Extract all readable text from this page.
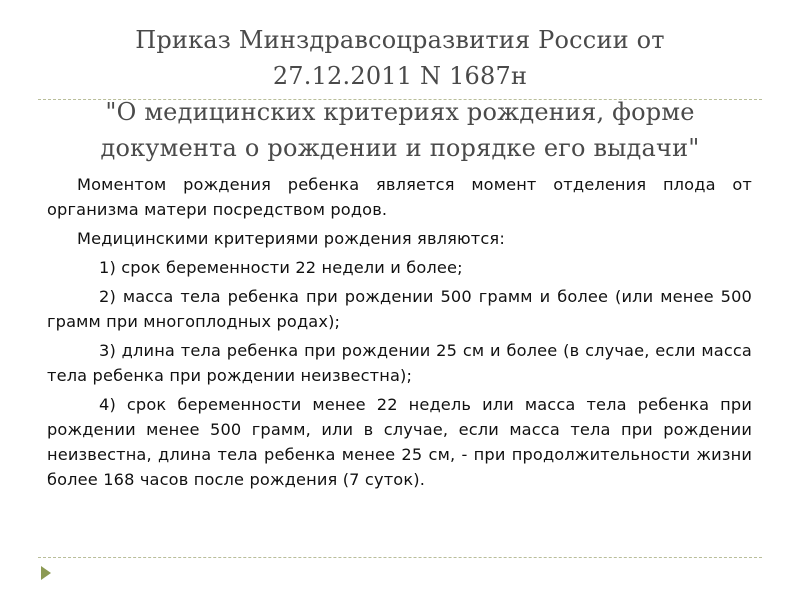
Приказ Минздравсоцразвития России от
27.12.2011 N 1687н
"О медицинских критериях рождения, форме
документа о рождении и порядке его выдачи"

Моментом рождения ребенка является момент отделения плода от организма матери посредством родов.

Медицинскими критериями рождения являются:

1) срок беременности 22 недели и более;

2) масса тела ребенка при рождении 500 грамм и более (или менее 500 грамм при многоплодных родах);

3) длина тела ребенка при рождении 25 см и более (в случае, если масса тела ребенка при рождении неизвестна);

4) срок беременности менее 22 недель или масса тела ребенка при рождении менее 500 грамм, или в случае, если масса тела при рождении неизвестна, длина тела ребенка менее 25 см, - при продолжительности жизни более 168 часов после рождения (7 суток).
